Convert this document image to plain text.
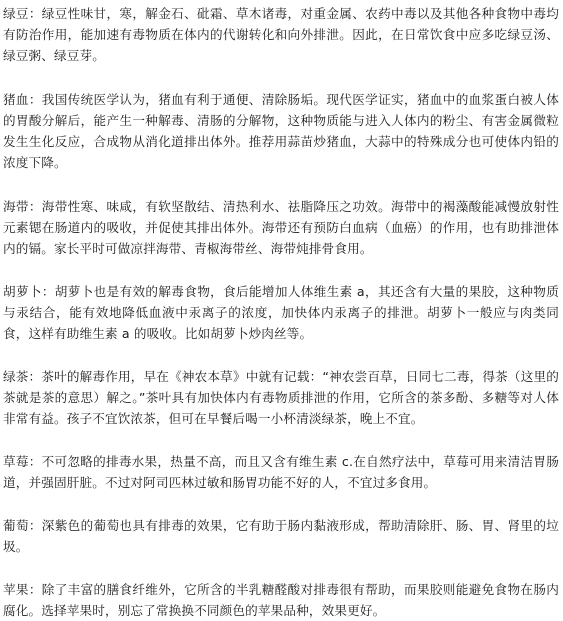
绿豆：绿豆性味甘，寒，解金石、砒霜、草木诸毒，对重金属、农药中毒以及其他各种食物中毒均有防治作用，能加速有毒物质在体内的代谢转化和向外排泄。因此，在日常饮食中应多吃绿豆汤、绿豆粥、绿豆芽。

猪血：我国传统医学认为，猪血有利于通便、清除肠垢。现代医学证实，猪血中的血浆蛋白被人体的胃酸分解后，能产生一种解毒、清肠的分解物，这种物质能与进入人体内的粉尘、有害金属微粒发生生化反应，合成物从消化道排出体外。推荐用蒜苗炒猪血，大蒜中的特殊成分也可使体内铅的浓度下降。

海带：海带性寒、味咸，有软坚散结、清热利水、祛脂降压之功效。海带中的褐藻酸能减慢放射性元素锶在肠道内的吸收，并促使其排出体外。海带还有预防白血病（血癌）的作用，也有助排泄体内的镉。家长平时可做凉拌海带、青椒海带丝、海带炖排骨食用。

胡萝卜：胡萝卜也是有效的解毒食物，食后能增加人体维生素 a，其还含有大量的果胶，这种物质与汞结合，能有效地降低血液中汞离子的浓度，加快体内汞离子的排泄。胡萝卜一般应与肉类同食，这样有助维生素 a 的吸收。比如胡萝卜炒肉丝等。

绿茶：茶叶的解毒作用，早在《神农本草》中就有记载：“神农尝百草，日同七二毒，得茶（这里的茶就是茶的意思）解之。”茶叶具有加快体内有毒物质排泄的作用，它所含的茶多酚、多糖等对人体非常有益。孩子不宜饮浓茶，但可在早餐后喝一小杯清淡绿茶，晚上不宜。

草莓：不可忽略的排毒水果，热量不高，而且又含有维生素 c.在自然疗法中，草莓可用来清洁胃肠道，并强固肝脏。不过对阿司匹林过敏和肠胃功能不好的人，不宜过多食用。

葡萄：深紫色的葡萄也具有排毒的效果，它有助于肠内黏液形成，帮助清除肝、肠、胃、肾里的垃圾。

苹果：除了丰富的膳食纤维外，它所含的半乳糖醛酸对排毒很有帮助，而果胶则能避免食物在肠内腐化。选择苹果时，别忘了常换换不同颜色的苹果品种，效果更好。
